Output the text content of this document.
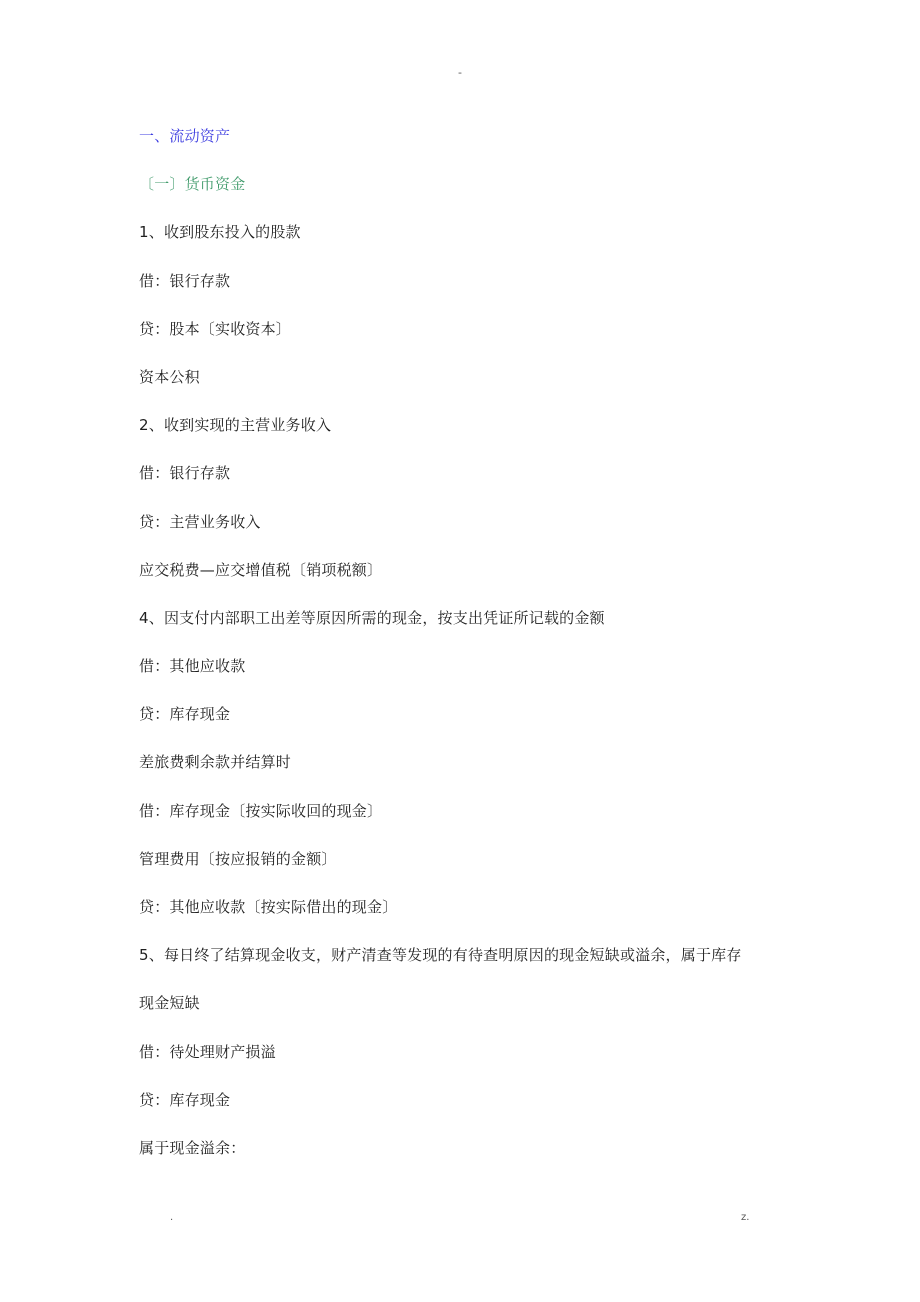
-
一、流动资产
〔一〕货币资金
1、收到股东投入的股款
借：银行存款
贷：股本〔实收资本〕
资本公积
2、收到实现的主营业务收入
借：银行存款
贷：主营业务收入
应交税费—应交增值税〔销项税额〕
4、因支付内部职工出差等原因所需的现金，按支出凭证所记载的金额
借：其他应收款
贷：库存现金
差旅费剩余款并结算时
借：库存现金〔按实际收回的现金〕
管理费用〔按应报销的金额〕
贷：其他应收款〔按实际借出的现金〕
5、每日终了结算现金收支，财产清查等发现的有待查明原因的现金短缺或溢余，属于库存
现金短缺
借：待处理财产损溢
贷：库存现金
属于现金溢余：
.	z.
